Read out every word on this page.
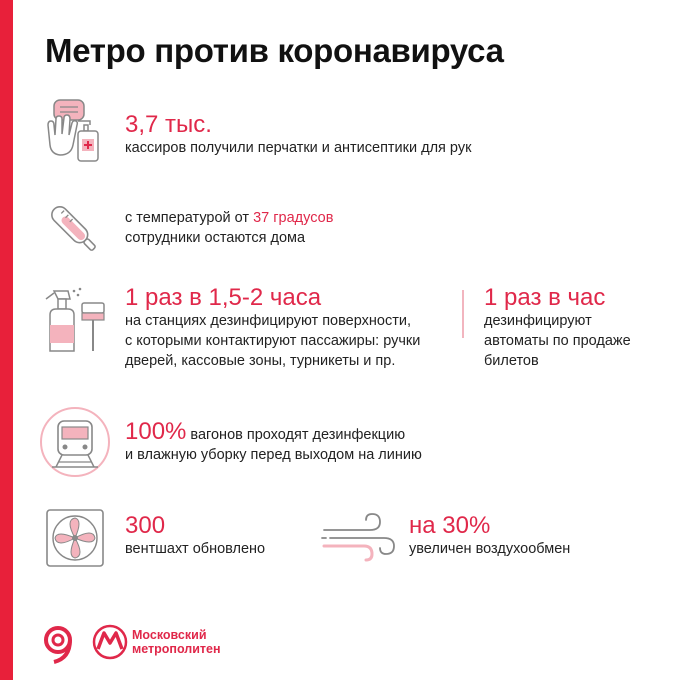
Метро против коронавируса
3,7 тыс.
кассиров получили перчатки и антисептики для рук
с температурой от 37 градусов
сотрудники остаются дома
1 раз в 1,5-2 часа
на станциях дезинфицируют поверхности,
с которыми контактируют пассажиры: ручки
дверей, кассовые зоны, турникеты и пр.
1 раз в час
дезинфицируют
автоматы по продаже
билетов
100% вагонов проходят дезинфекцию
и влажную уборку перед выходом на линию
300
вентшахт обновлено
на 30%
увеличен воздухообмен
Московский
метрополитен
